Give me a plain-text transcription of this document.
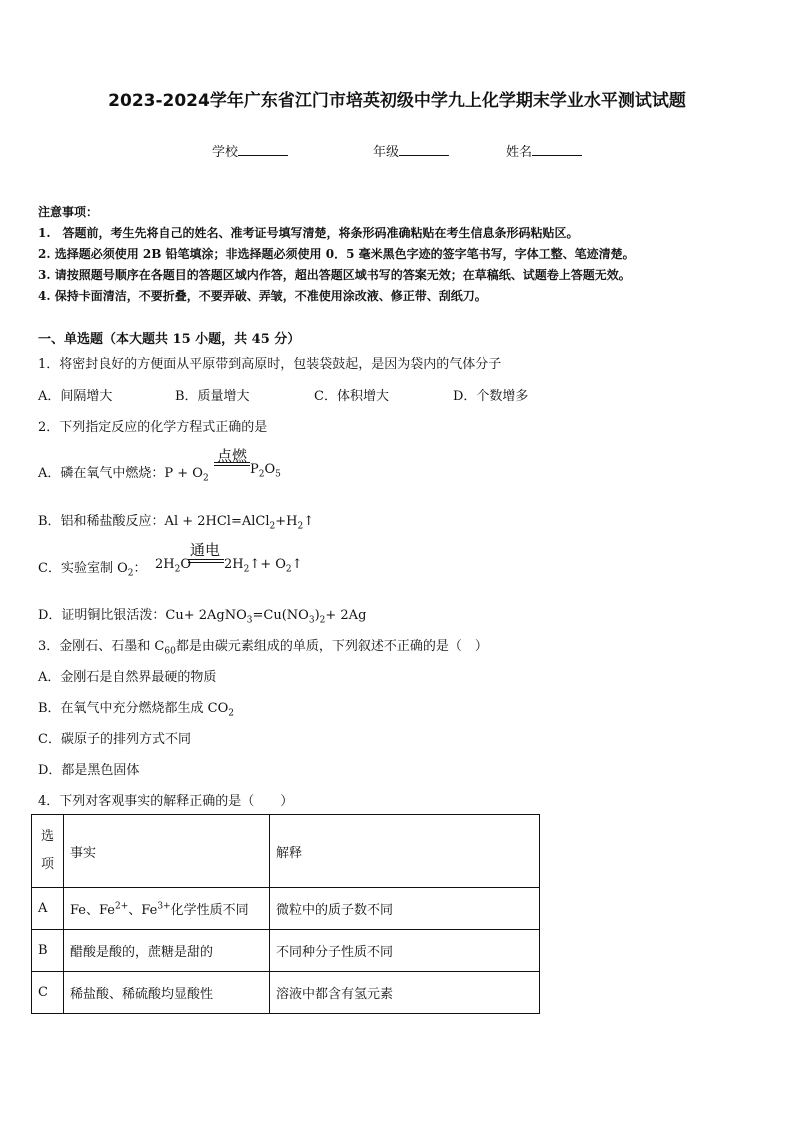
2023-2024学年广东省江门市培英初级中学九上化学期末学业水平测试试题
学校	年级	姓名
注意事项：
1.　答题前，考生先将自己的姓名、准考证号填写清楚，将条形码准确粘贴在考生信息条形码粘贴区。
2. 选择题必须使用 2B 铅笔填涂；非选择题必须使用 0．5 毫米黑色字迹的签字笔书写，字体工整、笔迹清楚。
3. 请按照题号顺序在各题目的答题区域内作答，超出答题区域书写的答案无效；在草稿纸、试题卷上答题无效。
4. 保持卡面清洁，不要折叠，不要弄破、弄皱，不准使用涂改液、修正带、刮纸刀。
一、单选题（本大题共 15 小题，共 45 分）
1．将密封良好的方便面从平原带到高原时，包装袋鼓起，是因为袋内的气体分子
A．间隔增大	B．质量增大	C．体积增大	D．个数增多
2．下列指定反应的化学方程式正确的是
A．磷在氧气中燃烧：$P + O_2$
点燃
$P_2O_5$
B．铝和稀盐酸反应：$Al + 2HCl=AlCl_2+H_2↑$
C．实验室制 $O_2$： $2H_2O$
通电
$2H_2↑+$ $O_2↑$
D．证明铜比银活泼：$Cu+ 2AgNO_3=Cu(NO_3)_2+ 2Ag$
3．金刚石、石墨和 $C_{60}$都是由碳元素组成的单质，下列叙述不正确的是（　）
A．金刚石是自然界最硬的物质
B．在氧气中充分燃烧都生成 $CO_2$
C．碳原子的排列方式不同
D．都是黑色固体
4．下列对客观事实的解释正确的是（　　）
选
项	事实	解释
A	Fe、$Fe^{2+}$、$Fe^{3+}$化学性质不同	微粒中的质子数不同
B	醋酸是酸的，蔗糖是甜的	不同种分子性质不同
C	稀盐酸、稀硫酸均显酸性	溶液中都含有氢元素
